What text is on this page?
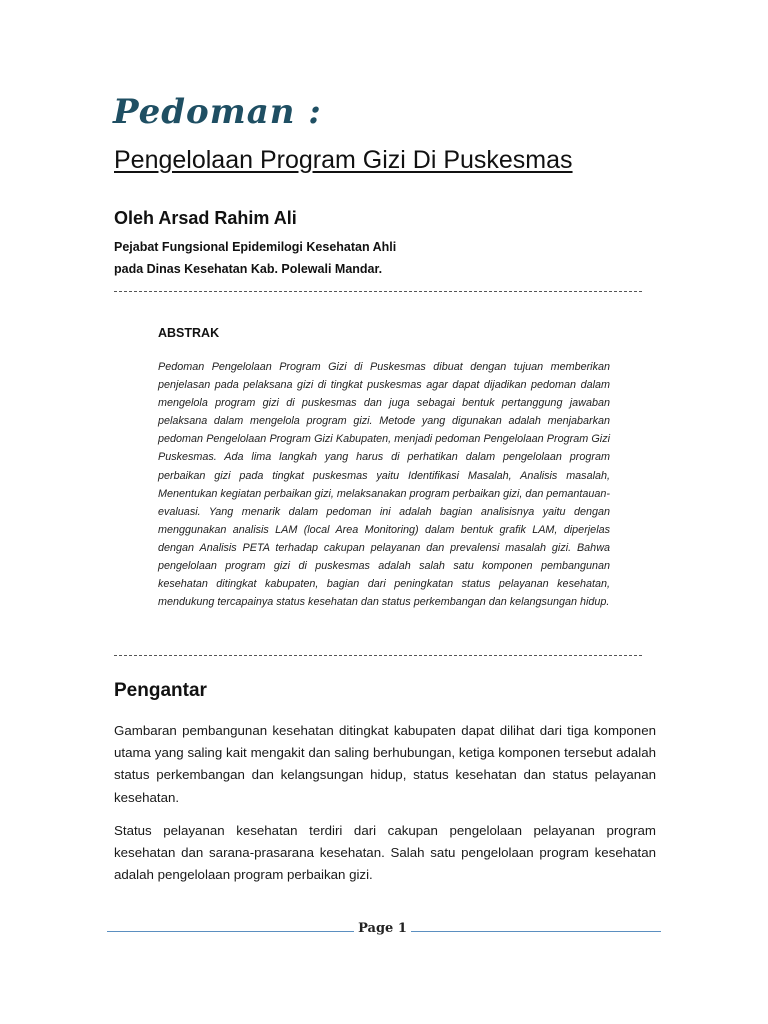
Pedoman :
Pengelolaan Program Gizi Di Puskesmas
Oleh Arsad Rahim Ali
Pejabat Fungsional Epidemilogi Kesehatan Ahli
pada Dinas Kesehatan Kab. Polewali Mandar.
ABSTRAK
Pedoman Pengelolaan Program Gizi di Puskesmas dibuat dengan tujuan memberikan penjelasan pada pelaksana gizi di tingkat puskesmas agar dapat dijadikan pedoman dalam mengelola program gizi di puskesmas dan juga sebagai bentuk pertanggung jawaban pelaksana dalam mengelola program gizi. Metode yang digunakan adalah menjabarkan pedoman Pengelolaan Program Gizi Kabupaten, menjadi pedoman Pengelolaan Program Gizi Puskesmas. Ada lima langkah yang harus di perhatikan dalam pengelolaan program perbaikan gizi pada tingkat puskesmas yaitu Identifikasi Masalah, Analisis masalah, Menentukan kegiatan perbaikan gizi, melaksanakan program perbaikan gizi, dan pemantauan-evaluasi. Yang menarik dalam pedoman ini adalah bagian analisisnya yaitu dengan menggunakan analisis LAM (local Area Monitoring) dalam bentuk grafik LAM, diperjelas dengan Analisis PETA terhadap cakupan pelayanan dan prevalensi masalah gizi. Bahwa pengelolaan program gizi di puskesmas adalah salah satu komponen pembangunan kesehatan ditingkat kabupaten, bagian dari peningkatan status pelayanan kesehatan, mendukung tercapainya status kesehatan dan status perkembangan dan kelangsungan hidup.
Pengantar
Gambaran pembangunan kesehatan ditingkat kabupaten dapat dilihat dari tiga komponen utama yang saling kait mengakit dan saling berhubungan, ketiga komponen tersebut adalah status perkembangan dan kelangsungan hidup, status kesehatan dan status pelayanan kesehatan.
Status pelayanan kesehatan terdiri dari cakupan pengelolaan pelayanan program kesehatan dan sarana-prasarana kesehatan. Salah satu pengelolaan program kesehatan adalah pengelolaan program perbaikan gizi.
Page 1
